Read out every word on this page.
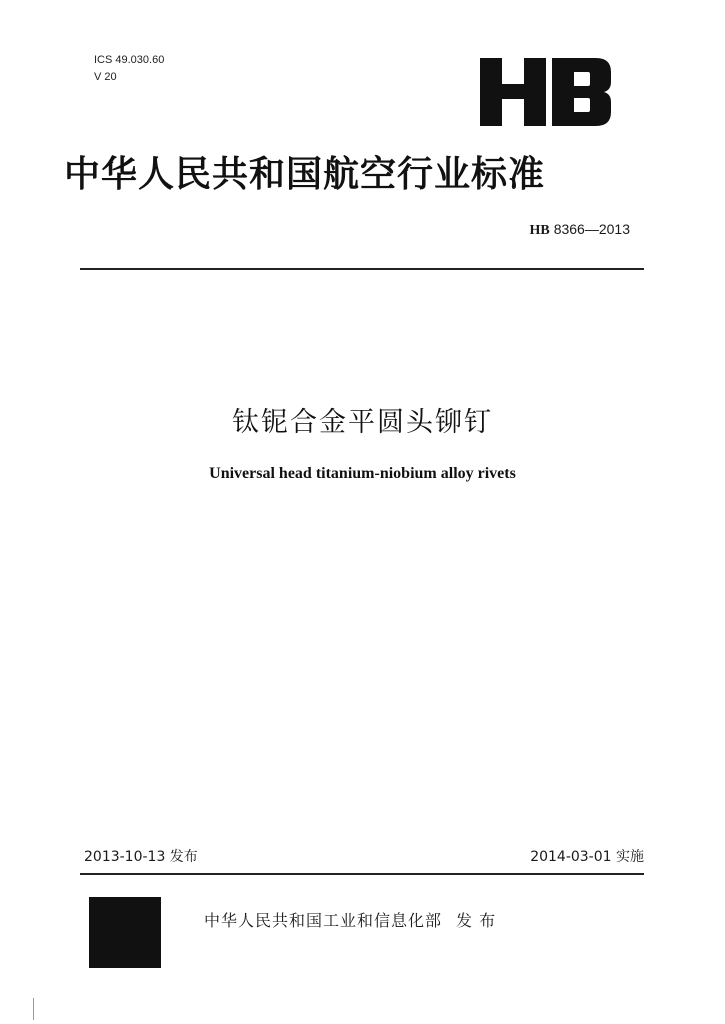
ICS 49.030.60
V 20
中华人民共和国航空行业标准
HB 8366—2013
钛铌合金平圆头铆钉
Universal head titanium-niobium alloy rivets
2013-10-13 发布	2014-03-01 实施
中华人民共和国工业和信息化部 发 布
